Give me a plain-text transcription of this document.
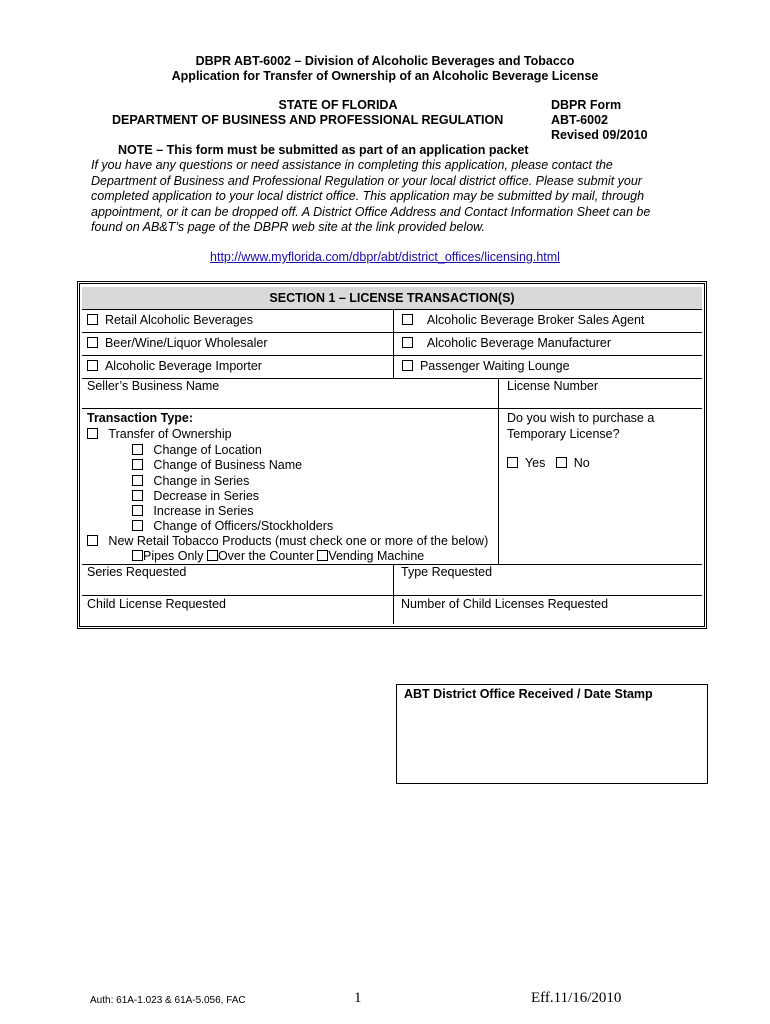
DBPR ABT-6002 – Division of Alcoholic Beverages and Tobacco
Application for Transfer of Ownership of an Alcoholic Beverage License
STATE OF FLORIDA
DEPARTMENT OF BUSINESS AND PROFESSIONAL REGULATION
DBPR Form
ABT-6002
Revised 09/2010
NOTE – This form must be submitted as part of an application packet
If you have any questions or need assistance in completing this application, please contact the
Department of Business and Professional Regulation or your local district office. Please submit your
completed application to your local district office. This application may be submitted by mail, through
appointment, or it can be dropped off. A District Office Address and Contact Information Sheet can be
found on AB&T’s page of the DBPR web site at the link provided below.
http://www.myflorida.com/dbpr/abt/district_offices/licensing.html
SECTION 1 – LICENSE TRANSACTION(S)
Retail Alcoholic Beverages	Alcoholic Beverage Broker Sales Agent
Beer/Wine/Liquor Wholesaler	Alcoholic Beverage Manufacturer
Alcoholic Beverage Importer	Passenger Waiting Lounge
Seller’s Business Name	License Number
Transaction Type:
Transfer of Ownership
Change of Location
Change of Business Name
Change in Series
Decrease in Series
Increase in Series
Change of Officers/Stockholders
New Retail Tobacco Products (must check one or more of the below)
Pipes Only Over the Counter Vending Machine
Do you wish to purchase a
Temporary License?
Yes No
Series Requested	Type Requested
Child License Requested	Number of Child Licenses Requested
ABT District Office Received / Date Stamp
Auth: 61A-1.023 & 61A-5.056, FAC	1	Eff.11/16/2010
